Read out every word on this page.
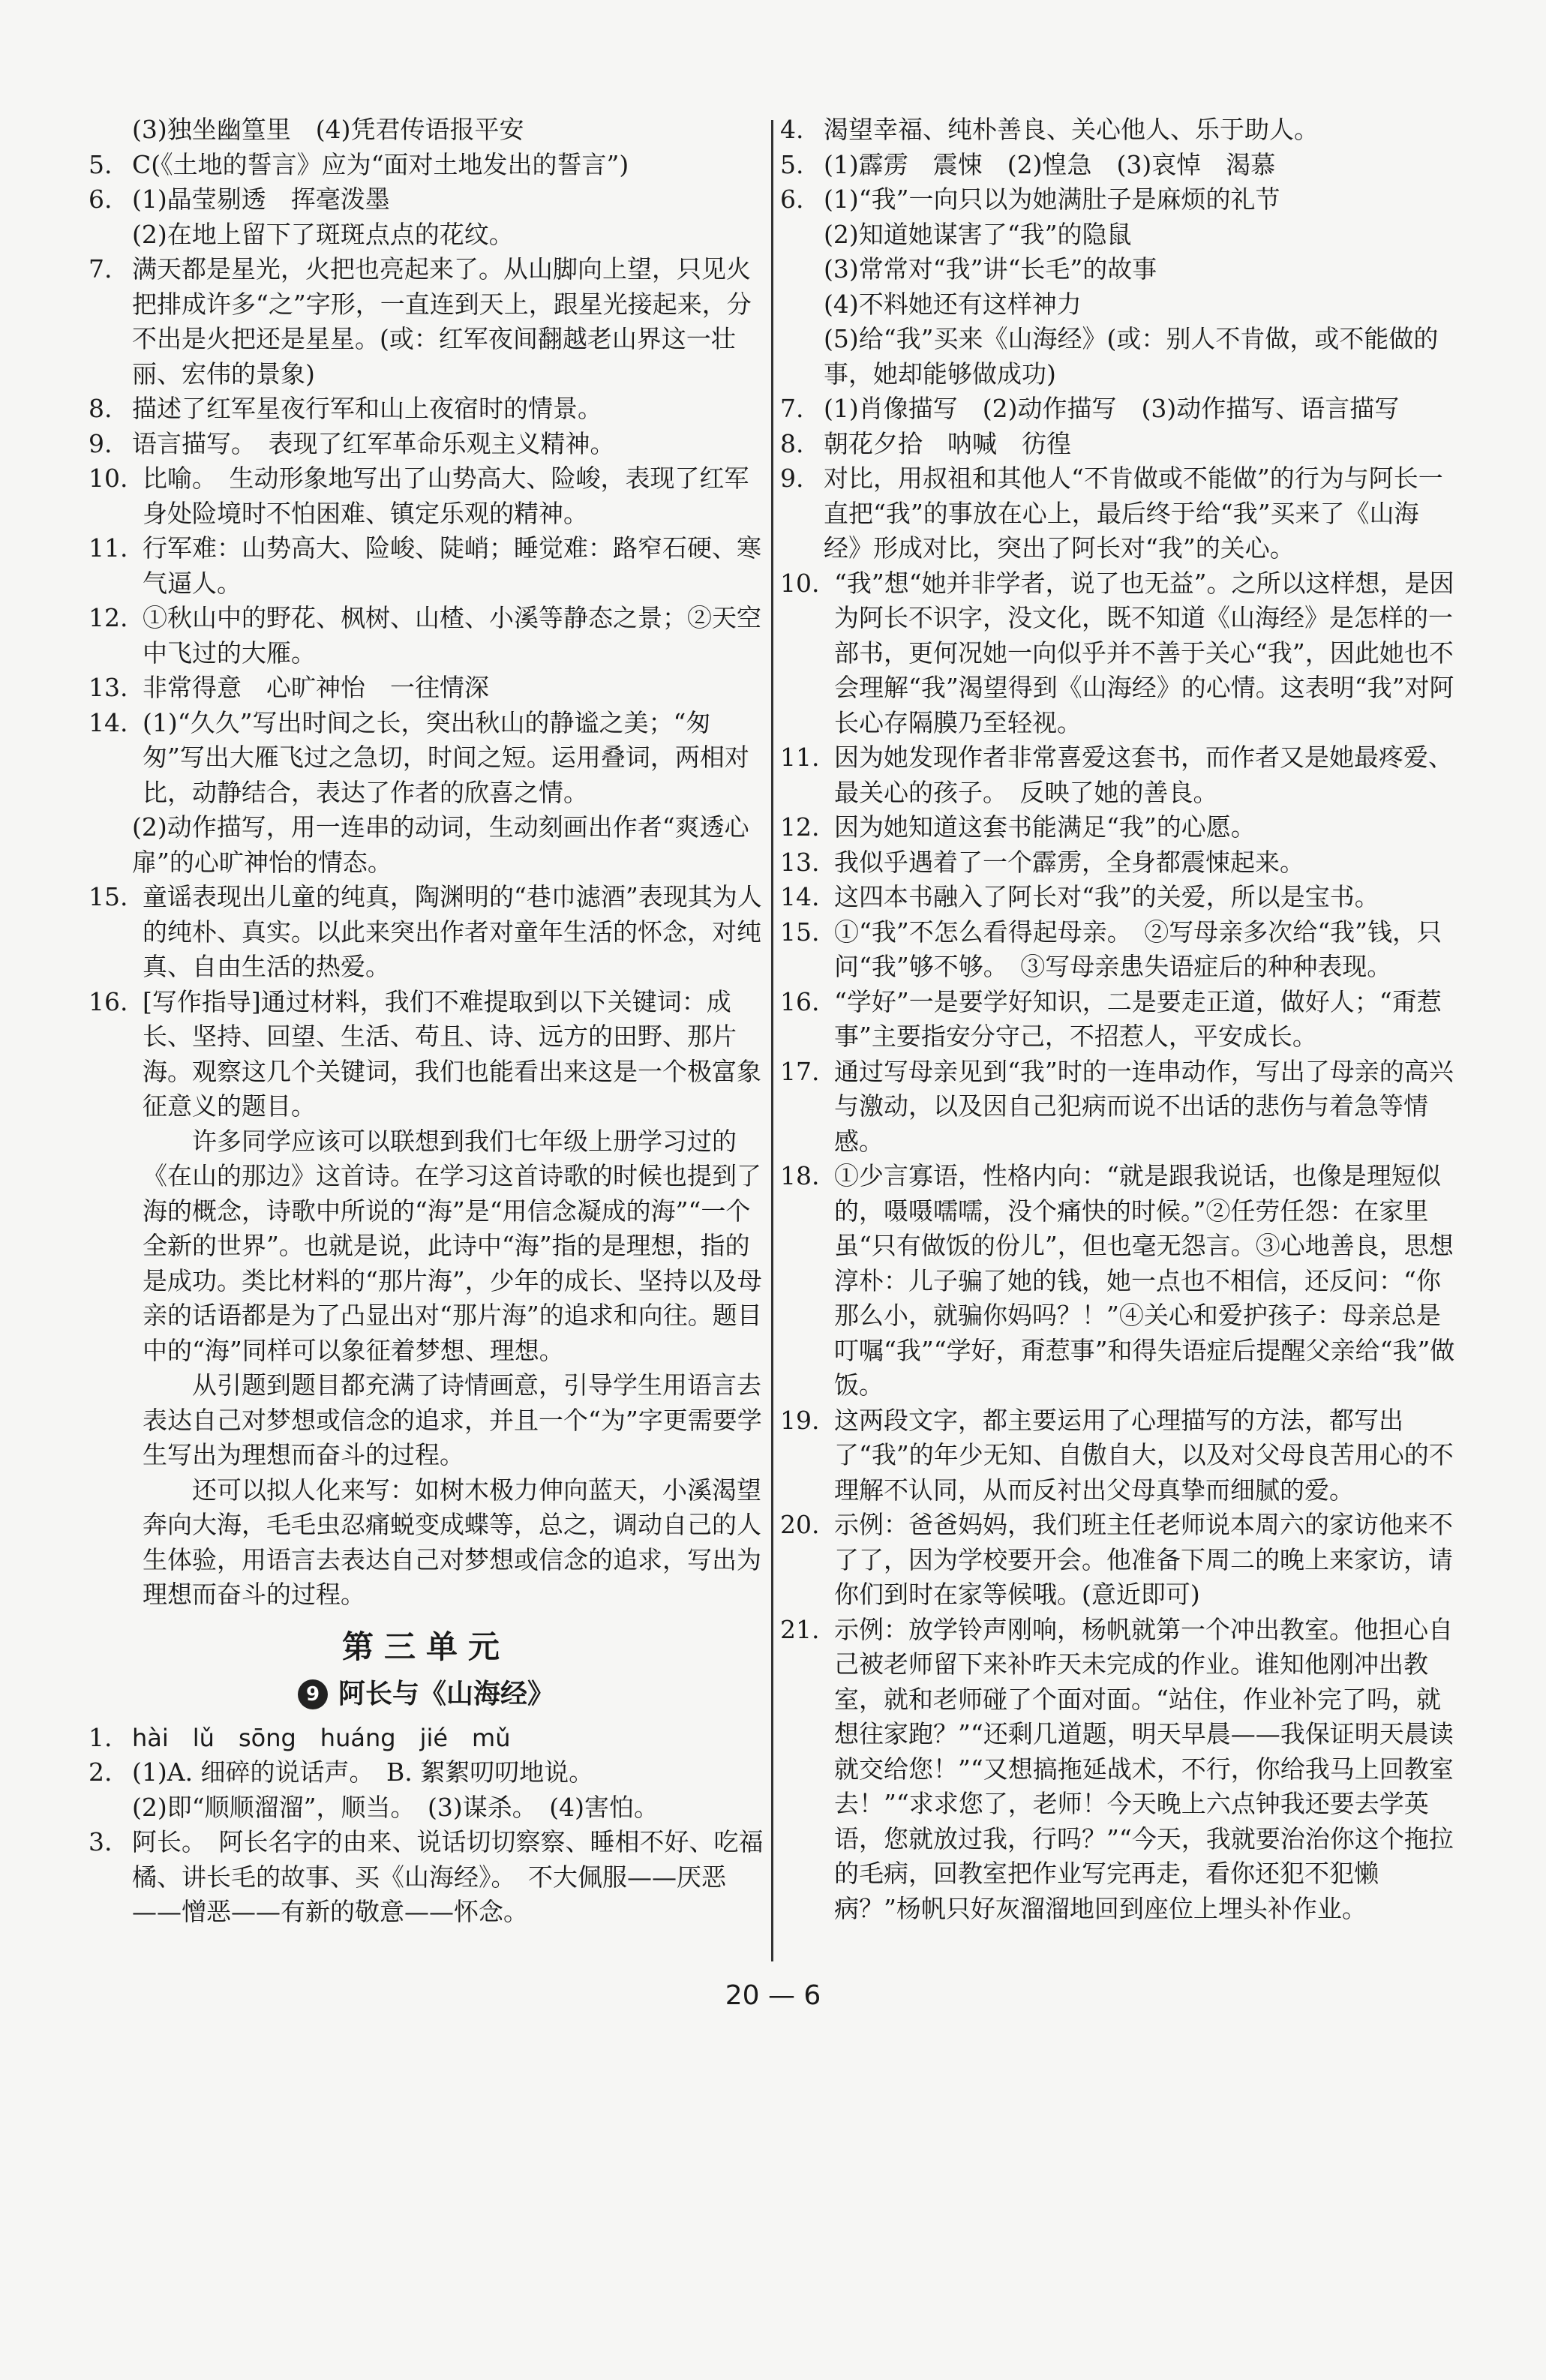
(3)独坐幽篁里　(4)凭君传语报平安
5. C(《土地的誓言》应为“面对土地发出的誓言”)
6. (1)晶莹剔透　挥毫泼墨
(2)在地上留下了斑斑点点的花纹。
7. 满天都是星光，火把也亮起来了。从山脚向上望，只见火把排成许多“之”字形，一直连到天上，跟星光接起来，分不出是火把还是星星。(或：红军夜间翻越老山界这一壮丽、宏伟的景象)
8. 描述了红军星夜行军和山上夜宿时的情景。
9. 语言描写。　表现了红军革命乐观主义精神。
10. 比喻。　生动形象地写出了山势高大、险峻，表现了红军身处险境时不怕困难、镇定乐观的精神。
11. 行军难：山势高大、险峻、陡峭；睡觉难：路窄石硬、寒气逼人。
12. ①秋山中的野花、枫树、山楂、小溪等静态之景；②天空中飞过的大雁。
13. 非常得意　心旷神怡　一往情深
14. (1)“久久”写出时间之长，突出秋山的静谧之美；“匆匆”写出大雁飞过之急切，时间之短。运用叠词，两相对比，动静结合，表达了作者的欣喜之情。
(2)动作描写，用一连串的动词，生动刻画出作者“爽透心扉”的心旷神怡的情态。
15. 童谣表现出儿童的纯真，陶渊明的“巷巾滤酒”表现其为人的纯朴、真实。以此来突出作者对童年生活的怀念，对纯真、自由生活的热爱。
16. [写作指导]通过材料，我们不难提取到以下关键词：成长、坚持、回望、生活、苟且、诗、远方的田野、那片海。观察这几个关键词，我们也能看出来这是一个极富象征意义的题目。

许多同学应该可以联想到我们七年级上册学习过的《在山的那边》这首诗。在学习这首诗歌的时候也提到了海的概念，诗歌中所说的“海”是“用信念凝成的海”“一个全新的世界”。也就是说，此诗中“海”指的是理想，指的是成功。类比材料的“那片海”，少年的成长、坚持以及母亲的话语都是为了凸显出对“那片海”的追求和向往。题目中的“海”同样可以象征着梦想、理想。

从引题到题目都充满了诗情画意，引导学生用语言去表达自己对梦想或信念的追求，并且一个“为”字更需要学生写出为理想而奋斗的过程。

还可以拟人化来写：如树木极力伸向蓝天，小溪渴望奔向大海，毛毛虫忍痛蜕变成蝶等，总之，调动自己的人生体验，用语言去表达自己对梦想或信念的追求，写出为理想而奋斗的过程。

第三单元
9 阿长与《山海经》
1. hài　lǔ　sōng　huáng　jié　mǔ
2. (1)A. 细碎的说话声。　B. 絮絮叨叨地说。
(2)即“顺顺溜溜”，顺当。　(3)谋杀。　(4)害怕。
3. 阿长。　阿长名字的由来、说话切切察察、睡相不好、吃福橘、讲长毛的故事、买《山海经》。　不大佩服——厌恶——憎恶——有新的敬意——怀念。
4. 渴望幸福、纯朴善良、关心他人、乐于助人。
5. (1)霹雳　震悚　(2)惶急　(3)哀悼　渴慕
6. (1)“我”一向只以为她满肚子是麻烦的礼节
(2)知道她谋害了“我”的隐鼠
(3)常常对“我”讲“长毛”的故事
(4)不料她还有这样神力
(5)给“我”买来《山海经》(或：别人不肯做，或不能做的事，她却能够做成功)
7. (1)肖像描写　(2)动作描写　(3)动作描写、语言描写
8. 朝花夕拾　呐喊　彷徨
9. 对比，用叔祖和其他人“不肯做或不能做”的行为与阿长一直把“我”的事放在心上，最后终于给“我”买来了《山海经》形成对比，突出了阿长对“我”的关心。
10. “我”想“她并非学者，说了也无益”。之所以这样想，是因为阿长不识字，没文化，既不知道《山海经》是怎样的一部书，更何况她一向似乎并不善于关心“我”，因此她也不会理解“我”渴望得到《山海经》的心情。这表明“我”对阿长心存隔膜乃至轻视。
11. 因为她发现作者非常喜爱这套书，而作者又是她最疼爱、最关心的孩子。　反映了她的善良。
12. 因为她知道这套书能满足“我”的心愿。
13. 我似乎遇着了一个霹雳，全身都震悚起来。
14. 这四本书融入了阿长对“我”的关爱，所以是宝书。
15. ①“我”不怎么看得起母亲。　②写母亲多次给“我”钱，只问“我”够不够。　③写母亲患失语症后的种种表现。
16. “学好”一是要学好知识，二是要走正道，做好人；“甭惹事”主要指安分守己，不招惹人，平安成长。
17. 通过写母亲见到“我”时的一连串动作，写出了母亲的高兴与激动，以及因自己犯病而说不出话的悲伤与着急等情感。
18. ①少言寡语，性格内向：“就是跟我说话，也像是理短似的，嗫嗫嚅嚅，没个痛快的时候。”②任劳任怨：在家里虽“只有做饭的份儿”，但也毫无怨言。③心地善良，思想淳朴：儿子骗了她的钱，她一点也不相信，还反问：“你那么小，就骗你妈吗？！”④关心和爱护孩子：母亲总是叮嘱“我”“学好，甭惹事”和得失语症后提醒父亲给“我”做饭。
19. 这两段文字，都主要运用了心理描写的方法，都写出了“我”的年少无知、自傲自大，以及对父母良苦用心的不理解不认同，从而反衬出父母真挚而细腻的爱。
20. 示例：爸爸妈妈，我们班主任老师说本周六的家访他来不了了，因为学校要开会。他准备下周二的晚上来家访，请你们到时在家等候哦。(意近即可)
21. 示例：放学铃声刚响，杨帆就第一个冲出教室。他担心自己被老师留下来补昨天未完成的作业。谁知他刚冲出教室，就和老师碰了个面对面。“站住，作业补完了吗，就想往家跑？”“还剩几道题，明天早晨——我保证明天晨读就交给您！”“又想搞拖延战术，不行，你给我马上回教室去！”“求求您了，老师！今天晚上六点钟我还要去学英语，您就放过我，行吗？”“今天，我就要治治你这个拖拉的毛病，回教室把作业写完再走，看你还犯不犯懒病？”杨帆只好灰溜溜地回到座位上埋头补作业。
20 — 6
